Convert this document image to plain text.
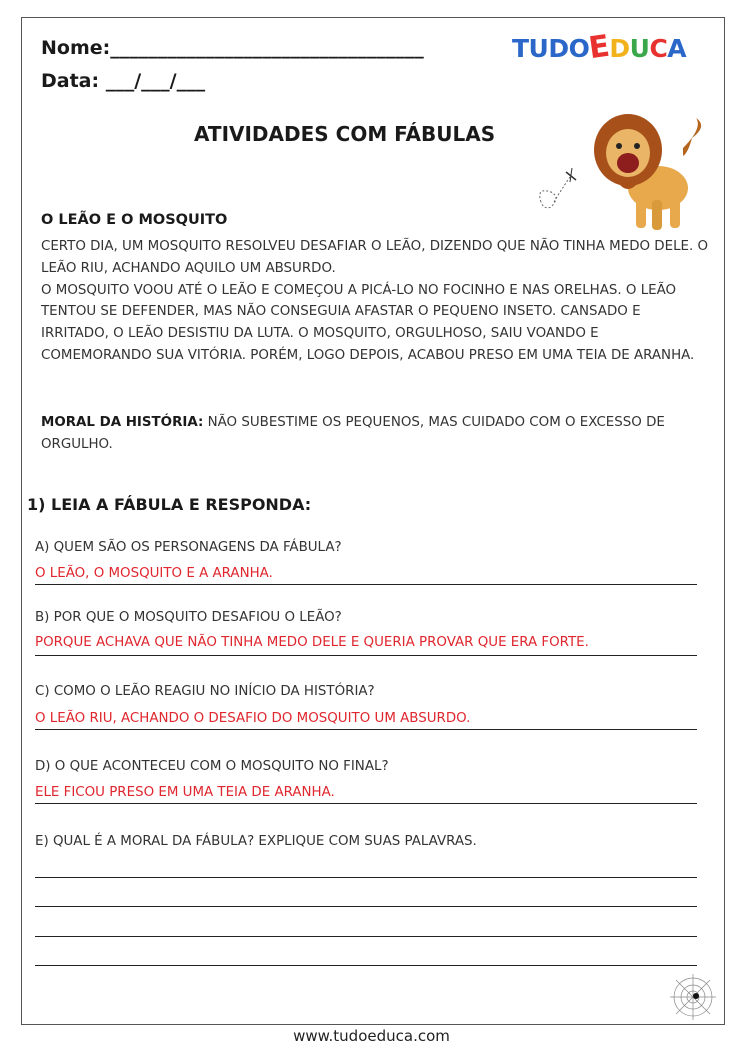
Nome:_________________________________
Data: ___/___/___
TUDOEDUCA
ATIVIDADES COM FÁBULAS
O LEÃO E O MOSQUITO

CERTO DIA, UM MOSQUITO RESOLVEU DESAFIAR O LEÃO, DIZENDO QUE NÃO TINHA MEDO DELE. O LEÃO RIU, ACHANDO AQUILO UM ABSURDO.

O MOSQUITO VOOU ATÉ O LEÃO E COMEÇOU A PICÁ-LO NO FOCINHO E NAS ORELHAS. O LEÃO TENTOU SE DEFENDER, MAS NÃO CONSEGUIA AFASTAR O PEQUENO INSETO. CANSADO E IRRITADO, O LEÃO DESISTIU DA LUTA. O MOSQUITO, ORGULHOSO, SAIU VOANDO E COMEMORANDO SUA VITÓRIA. PORÉM, LOGO DEPOIS, ACABOU PRESO EM UMA TEIA DE ARANHA.

MORAL DA HISTÓRIA: NÃO SUBESTIME OS PEQUENOS, MAS CUIDADO COM O EXCESSO DE ORGULHO.
1) LEIA A FÁBULA E RESPONDA:
A) QUEM SÃO OS PERSONAGENS DA FÁBULA?
O LEÃO, O MOSQUITO E A ARANHA.
B) POR QUE O MOSQUITO DESAFIOU O LEÃO?
PORQUE ACHAVA QUE NÃO TINHA MEDO DELE E QUERIA PROVAR QUE ERA FORTE.
C) COMO O LEÃO REAGIU NO INÍCIO DA HISTÓRIA?
O LEÃO RIU, ACHANDO O DESAFIO DO MOSQUITO UM ABSURDO.
D) O QUE ACONTECEU COM O MOSQUITO NO FINAL?
ELE FICOU PRESO EM UMA TEIA DE ARANHA.
E) QUAL É A MORAL DA FÁBULA? EXPLIQUE COM SUAS PALAVRAS.
www.tudoeduca.com
